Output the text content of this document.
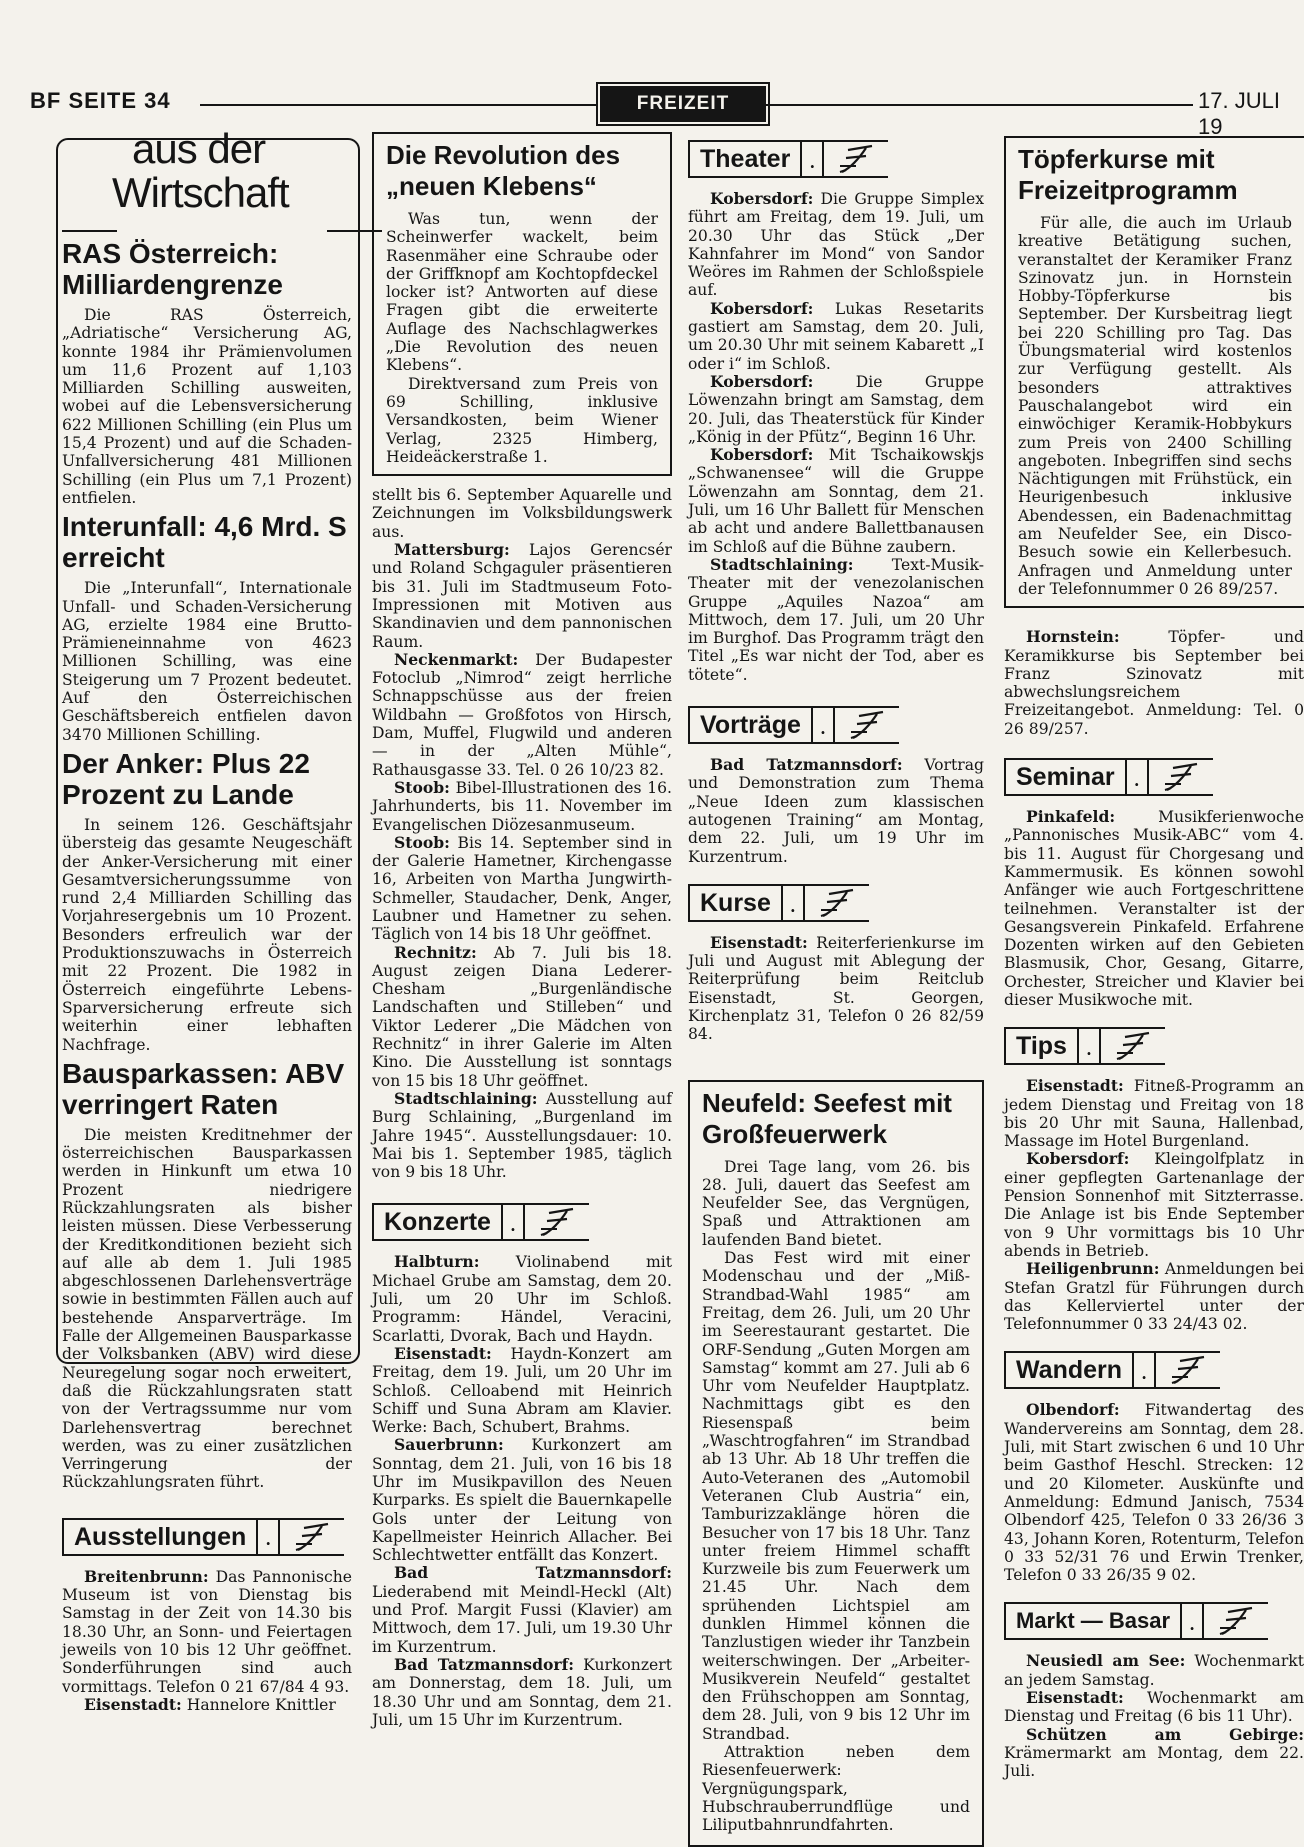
BF SEITE 34	FREIZEIT	17. JULI 19
aus der
Wirtschaft
RAS Österreich: Milliardengrenze

Die RAS Österreich, „Adriatische“ Versicherung AG, konnte 1984 ihr Prämienvolumen um 11,6 Prozent auf 1,103 Milliarden Schilling ausweiten, wobei auf die Lebensversicherung 622 Millionen Schilling (ein Plus um 15,4 Prozent) und auf die Schaden-Unfallversicherung 481 Millionen Schilling (ein Plus um 7,1 Prozent) entfielen.

Interunfall: 4,6 Mrd. S erreicht

Die „Interunfall“, Internationale Unfall- und Schaden-Versicherung AG, erzielte 1984 eine Brutto-Prämieneinnahme von 4623 Millionen Schilling, was eine Steigerung um 7 Prozent bedeutet. Auf den Österreichischen Geschäftsbereich entfielen davon 3470 Millionen Schilling.

Der Anker: Plus 22 Prozent zu Lande

In seinem 126. Geschäftsjahr übersteig das gesamte Neugeschäft der Anker-Versicherung mit einer Gesamtversicherungssumme von rund 2,4 Milliarden Schilling das Vorjahresergebnis um 10 Prozent. Besonders erfreulich war der Produktionszuwachs in Österreich mit 22 Prozent. Die 1982 in Österreich eingeführte Lebens-Sparversicherung erfreute sich weiterhin einer lebhaften Nachfrage.

Bausparkassen: ABV verringert Raten

Die meisten Kreditnehmer der österreichischen Bausparkassen werden in Hinkunft um etwa 10 Prozent niedrigere Rückzahlungsraten als bisher leisten müssen. Diese Verbesserung der Kreditkonditionen bezieht sich auf alle ab dem 1. Juli 1985 abgeschlossenen Darlehensverträge sowie in bestimmten Fällen auch auf bestehende Ansparverträge. Im Falle der Allgemeinen Bausparkasse der Volksbanken (ABV) wird diese Neuregelung sogar noch erweitert, daß die Rückzahlungsraten statt von der Vertragssumme nur vom Darlehensvertrag berechnet werden, was zu einer zusätzlichen Verringerung der Rückzahlungsraten führt.

Ausstellungen	.

Breitenbrunn: Das Pannonische Museum ist von Dienstag bis Samstag in der Zeit von 14.30 bis 18.30 Uhr, an Sonn- und Feiertagen jeweils von 10 bis 12 Uhr geöffnet. Sonderführungen sind auch vormittags. Telefon 0 21 67/84 4 93.

Eisenstadt: Hannelore Knittler

Die Revolution des „neuen Klebens“

Was tun, wenn der Scheinwerfer wackelt, beim Rasenmäher eine Schraube oder der Griffknopf am Kochtopfdeckel locker ist? Antworten auf diese Fragen gibt die erweiterte Auflage des Nachschlagwerkes „Die Revolution des neuen Klebens“.

Direktversand zum Preis von 69 Schilling, inklusive Versandkosten, beim Wiener Verlag, 2325 Himberg, Heideäckerstraße 1.

stellt bis 6. September Aquarelle und Zeichnungen im Volksbildungswerk aus.

Mattersburg: Lajos Gerencsér und Roland Schgaguler präsentieren bis 31. Juli im Stadtmuseum Foto-Impressionen mit Motiven aus Skandinavien und dem pannonischen Raum.

Neckenmarkt: Der Budapester Fotoclub „Nimrod“ zeigt herrliche Schnappschüsse aus der freien Wildbahn — Großfotos von Hirsch, Dam, Muffel, Flugwild und anderen — in der „Alten Mühle“, Rathausgasse 33. Tel. 0 26 10/23 82.

Stoob: Bibel-Illustrationen des 16. Jahrhunderts, bis 11. November im Evangelischen Diözesanmuseum.

Stoob: Bis 14. September sind in der Galerie Hametner, Kirchengasse 16, Arbeiten von Martha Jungwirth-Schmeller, Staudacher, Denk, Anger, Laubner und Hametner zu sehen. Täglich von 14 bis 18 Uhr geöffnet.

Rechnitz: Ab 7. Juli bis 18. August zeigen Diana Lederer-Chesham „Burgenländische Landschaften und Stilleben“ und Viktor Lederer „Die Mädchen von Rechnitz“ in ihrer Galerie im Alten Kino. Die Ausstellung ist sonntags von 15 bis 18 Uhr geöffnet.

Stadtschlaining: Ausstellung auf Burg Schlaining, „Burgenland im Jahre 1945“. Ausstellungsdauer: 10. Mai bis 1. September 1985, täglich von 9 bis 18 Uhr.

Konzerte	.

Halbturn: Violinabend mit Michael Grube am Samstag, dem 20. Juli, um 20 Uhr im Schloß. Programm: Händel, Veracini, Scarlatti, Dvorak, Bach und Haydn.

Eisenstadt: Haydn-Konzert am Freitag, dem 19. Juli, um 20 Uhr im Schloß. Celloabend mit Heinrich Schiff und Suna Abram am Klavier. Werke: Bach, Schubert, Brahms.

Sauerbrunn: Kurkonzert am Sonntag, dem 21. Juli, von 16 bis 18 Uhr im Musikpavillon des Neuen Kurparks. Es spielt die Bauernkapelle Gols unter der Leitung von Kapellmeister Heinrich Allacher. Bei Schlechtwetter entfällt das Konzert.

Bad Tatzmannsdorf: Liederabend mit Meindl-Heckl (Alt) und Prof. Margit Fussi (Klavier) am Mittwoch, dem 17. Juli, um 19.30 Uhr im Kurzentrum.

Bad Tatzmannsdorf: Kurkonzert am Donnerstag, dem 18. Juli, um 18.30 Uhr und am Sonntag, dem 21. Juli, um 15 Uhr im Kurzentrum.

Theater	.

Kobersdorf: Die Gruppe Simplex führt am Freitag, dem 19. Juli, um 20.30 Uhr das Stück „Der Kahnfahrer im Mond“ von Sandor Weöres im Rahmen der Schloßspiele auf.

Kobersdorf: Lukas Resetarits gastiert am Samstag, dem 20. Juli, um 20.30 Uhr mit seinem Kabarett „I oder i“ im Schloß.

Kobersdorf: Die Gruppe Löwenzahn bringt am Samstag, dem 20. Juli, das Theaterstück für Kinder „König in der Pfütz“, Beginn 16 Uhr.

Kobersdorf: Mit Tschaikowskjs „Schwanensee“ will die Gruppe Löwenzahn am Sonntag, dem 21. Juli, um 16 Uhr Ballett für Menschen ab acht und andere Ballettbanausen im Schloß auf die Bühne zaubern.

Stadtschlaining: Text-Musik-Theater mit der venezolanischen Gruppe „Aquiles Nazoa“ am Mittwoch, dem 17. Juli, um 20 Uhr im Burghof. Das Programm trägt den Titel „Es war nicht der Tod, aber es tötete“.

Vorträge	.

Bad Tatzmannsdorf: Vortrag und Demonstration zum Thema „Neue Ideen zum klassischen autogenen Training“ am Montag, dem 22. Juli, um 19 Uhr im Kurzentrum.

Kurse	.

Eisenstadt: Reiterferienkurse im Juli und August mit Ablegung der Reiterprüfung beim Reitclub Eisenstadt, St. Georgen, Kirchenplatz 31, Telefon 0 26 82/59 84.

Neufeld: Seefest mit Großfeuerwerk

Drei Tage lang, vom 26. bis 28. Juli, dauert das Seefest am Neufelder See, das Vergnügen, Spaß und Attraktionen am laufenden Band bietet.

Das Fest wird mit einer Modenschau und der „Miß-Strandbad-Wahl 1985“ am Freitag, dem 26. Juli, um 20 Uhr im Seerestaurant gestartet. Die ORF-Sendung „Guten Morgen am Samstag“ kommt am 27. Juli ab 6 Uhr vom Neufelder Hauptplatz. Nachmittags gibt es den Riesenspaß beim „Waschtrogfahren“ im Strandbad ab 13 Uhr. Ab 18 Uhr treffen die Auto-Veteranen des „Automobil Veteranen Club Austria“ ein, Tamburizzaklänge hören die Besucher von 17 bis 18 Uhr. Tanz unter freiem Himmel schafft Kurzweile bis zum Feuerwerk um 21.45 Uhr. Nach dem sprühenden Lichtspiel am dunklen Himmel können die Tanzlustigen wieder ihr Tanzbein weiterschwingen. Der „Arbeiter-Musikverein Neufeld“ gestaltet den Frühschoppen am Sonntag, dem 28. Juli, von 9 bis 12 Uhr im Strandbad.

Attraktion neben dem Riesenfeuerwerk: Vergnügungspark, Hubschrauberrundflüge und Liliputbahnrundfahrten.

Töpferkurse mit Freizeitprogramm

Für alle, die auch im Urlaub kreative Betätigung suchen, veranstaltet der Keramiker Franz Szinovatz jun. in Hornstein Hobby-Töpferkurse bis September. Der Kursbeitrag liegt bei 220 Schilling pro Tag. Das Übungsmaterial wird kostenlos zur Verfügung gestellt. Als besonders attraktives Pauschalangebot wird ein einwöchiger Keramik-Hobbykurs zum Preis von 2400 Schilling angeboten. Inbegriffen sind sechs Nächtigungen mit Frühstück, ein Heurigenbesuch inklusive Abendessen, ein Badenachmittag am Neufelder See, ein Disco-Besuch sowie ein Kellerbesuch. Anfragen und Anmeldung unter der Telefonnummer 0 26 89/257.

Hornstein: Töpfer- und Keramikkurse bis September bei Franz Szinovatz mit abwechslungsreichem Freizeitangebot. Anmeldung: Tel. 0 26 89/257.

Seminar	.

Pinkafeld: Musikferienwoche „Pannonisches Musik-ABC“ vom 4. bis 11. August für Chorgesang und Kammermusik. Es können sowohl Anfänger wie auch Fortgeschrittene teilnehmen. Veranstalter ist der Gesangsverein Pinkafeld. Erfahrene Dozenten wirken auf den Gebieten Blasmusik, Chor, Gesang, Gitarre, Orchester, Streicher und Klavier bei dieser Musikwoche mit.

Tips	.

Eisenstadt: Fitneß-Programm an jedem Dienstag und Freitag von 18 bis 20 Uhr mit Sauna, Hallenbad, Massage im Hotel Burgenland.

Kobersdorf: Kleingolfplatz in einer gepflegten Gartenanlage der Pension Sonnenhof mit Sitzterrasse. Die Anlage ist bis Ende September von 9 Uhr vormittags bis 10 Uhr abends in Betrieb.

Heiligenbrunn: Anmeldungen bei Stefan Gratzl für Führungen durch das Kellerviertel unter der Telefonnummer 0 33 24/43 02.

Wandern	.

Olbendorf: Fitwandertag des Wandervereins am Sonntag, dem 28. Juli, mit Start zwischen 6 und 10 Uhr beim Gasthof Heschl. Strecken: 12 und 20 Kilometer. Auskünfte und Anmeldung: Edmund Janisch, 7534 Olbendorf 425, Telefon 0 33 26/36 3 43, Johann Koren, Rotenturm, Telefon 0 33 52/31 76 und Erwin Trenker, Telefon 0 33 26/35 9 02.

Markt — Basar	.

Neusiedl am See: Wochenmarkt an jedem Samstag.

Eisenstadt: Wochenmarkt am Dienstag und Freitag (6 bis 11 Uhr).

Schützen am Gebirge: Krämermarkt am Montag, dem 22. Juli.
